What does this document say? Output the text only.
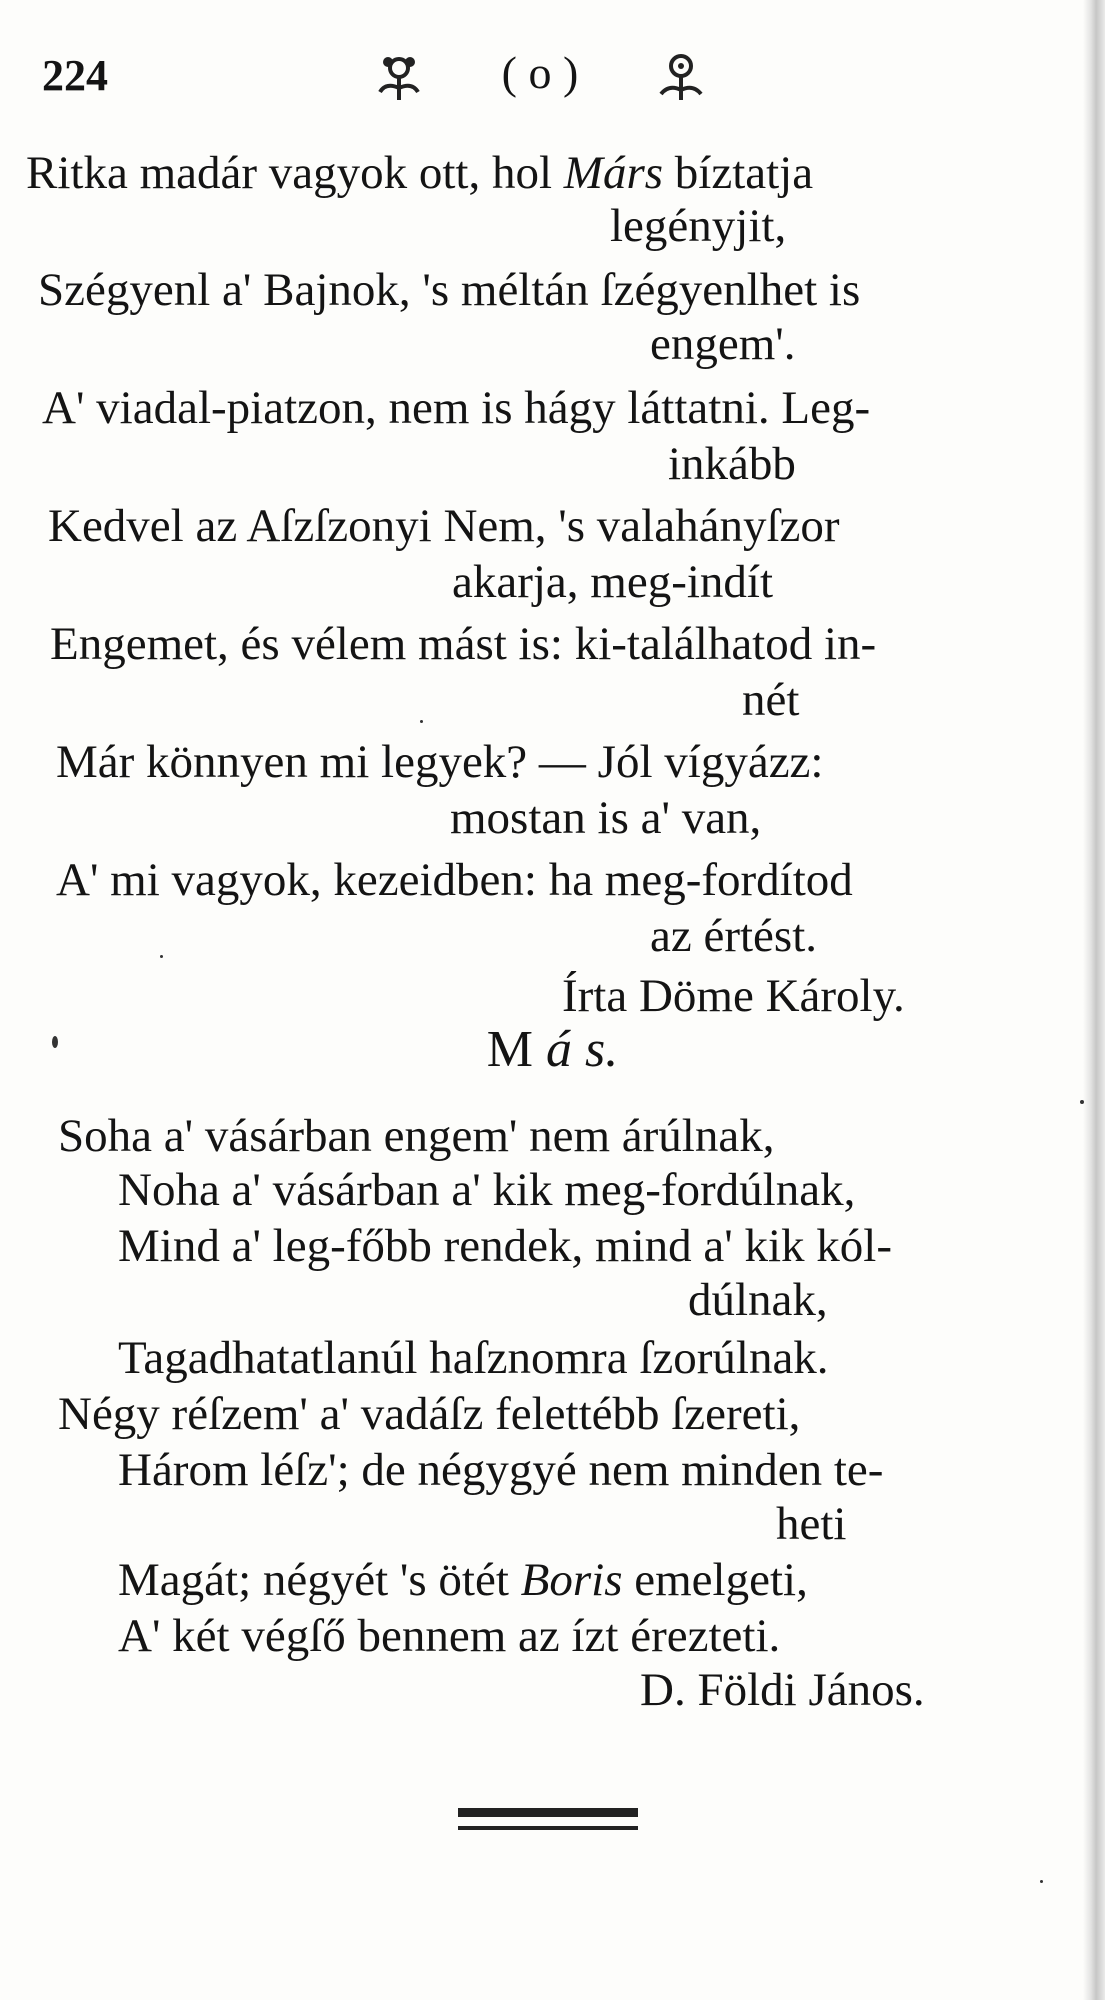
224	( o )
Ritka madár vagyok ott, hol Márs bíztatja
legényjit,
Szégyenl a' Bajnok, 's méltán ſzégyenlhet is
engem'.
A' viadal-piatzon, nem is hágy láttatni. Leg-
inkább
Kedvel az Aſzſzonyi Nem, 's valahányſzor
akarja, meg-indít
Engemet, és vélem mást is: ki-találhatod in-
nét
Már könnyen mi legyek? — Jól vígyázz:
mostan is a' van,
A' mi vagyok, kezeidben: ha meg-fordítod
az értést.
Írta Döme Károly.
M á s.
Soha a' vásárban engem' nem árúlnak,
Noha a' vásárban a' kik meg-fordúlnak,
Mind a' leg-főbb rendek, mind a' kik kól-
dúlnak,
Tagadhatatlanúl haſznomra ſzorúlnak.
Négy réſzem' a' vadáſz felettébb ſzereti,
Három léſz'; de négygyé nem minden te-
heti
Magát; négyét 's ötét Boris emelgeti,
A' két végſő bennem az ízt érezteti.
D. Földi János.
